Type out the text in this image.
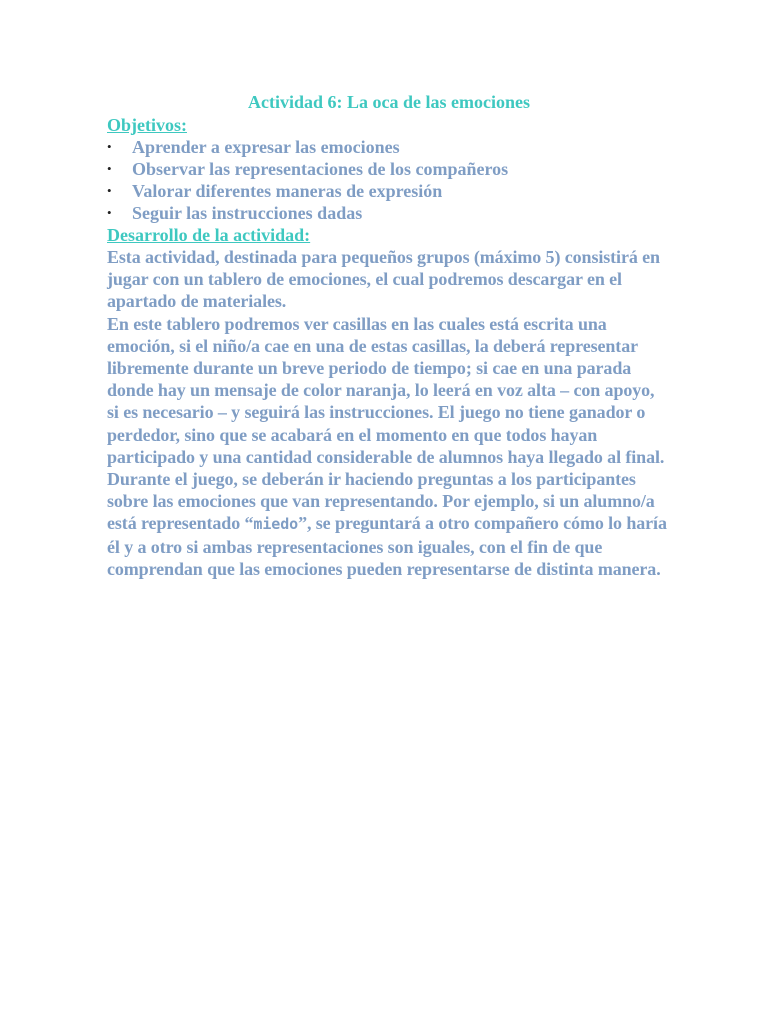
Actividad 6: La oca de las emociones
Objetivos:
• Aprender a expresar las emociones
• Observar las representaciones de los compañeros
• Valorar diferentes maneras de expresión
• Seguir las instrucciones dadas
Desarrollo de la actividad:

Esta actividad, destinada para pequeños grupos (máximo 5) consistirá en jugar con un tablero de emociones, el cual podremos descargar en el apartado de materiales.

En este tablero podremos ver casillas en las cuales está escrita una emoción, si el niño/a cae en una de estas casillas, la deberá representar libremente durante un breve periodo de tiempo; si cae en una parada donde hay un mensaje de color naranja, lo leerá en voz alta – con apoyo, si es necesario – y seguirá las instrucciones. El juego no tiene ganador o perdedor, sino que se acabará en el momento en que todos hayan participado y una cantidad considerable de alumnos haya llegado al final.

Durante el juego, se deberán ir haciendo preguntas a los participantes sobre las emociones que van representando. Por ejemplo, si un alumno/a está representado “miedo”, se preguntará a otro compañero cómo lo haría él y a otro si ambas representaciones son iguales, con el fin de que comprendan que las emociones pueden representarse de distinta manera.
